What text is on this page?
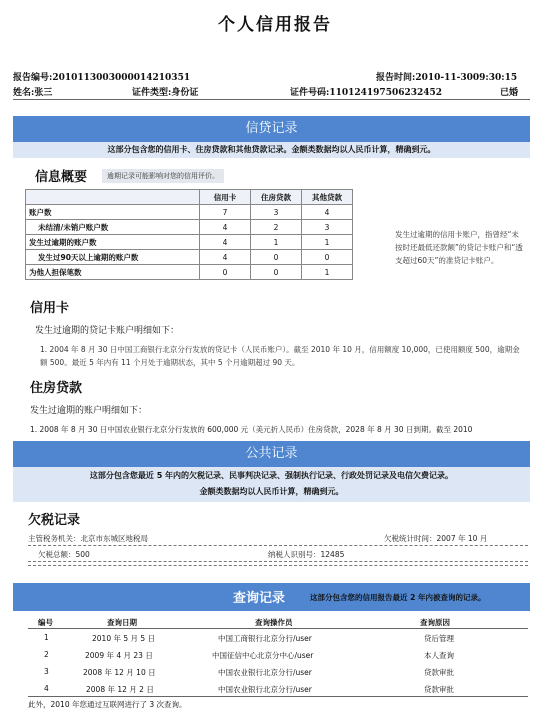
个人信用报告
报告编号:2010113003000014210351	报告时间:2010-11-3009:30:15
姓名:张三	证件类型:身份证	证件号码:110124197506232452	已婚
信贷记录
这部分包含您的信用卡、住房贷款和其他贷款记录。金额类数据均以人民币计算，精确到元。
信息概要	逾期记录可能影响对您的信用评价。
	信用卡	住房贷款	其他贷款
账户数	7	3	4
未结清/未销户账户数	4	2	3
发生过逾期的账户数	4	1	1
发生过90天以上逾期的账户数	4	0	0
为他人担保笔数	0	0	1
发生过逾期的信用卡账户，指曾经“未按时还最低还款额”的贷记卡账户和“透支超过60天”的准贷记卡账户。
信用卡
发生过逾期的贷记卡账户明细如下：
1. 2004 年 8 月 30 日中国工商银行北京分行发放的贷记卡（人民币账户）。截至 2010 年 10 月，信用额度 10,000，已使用额度 500，逾期金额 500。最近 5 年内有 11 个月处于逾期状态，其中 5 个月逾期超过 90 天。
住房贷款
发生过逾期的账户明细如下：
1. 2008 年 8 月 30 日中国农业银行北京分行发放的 600,000 元（美元折人民币）住房贷款，2028 年 8 月 30 日到期。截至 2010
公共记录
这部分包含您最近 5 年内的欠税记录、民事判决记录、强制执行记录、行政处罚记录及电信欠费记录。
金额类数据均以人民币计算，精确到元。
欠税记录
主管税务机关：北京市东城区地税局	欠税统计时间：2007 年 10 月
欠税总额：500	纳税人识别号：12485
查询记录	这部分包含您的信用报告最近 2 年内被查询的记录。
编号	查询日期	查询操作员	查询原因
1	2010 年 5 月 5 日	中国工商银行北京分行/user	贷后管理
2	2009 年 4 月 23 日	中国征信中心北京分中心/user	本人查询
3	2008 年 12 月 10 日	中国农业银行北京分行/user	贷款审批
4	2008 年 12 月 2 日	中国农业银行北京分行/user	贷款审批
此外，2010 年您通过互联网进行了 3 次查询。
